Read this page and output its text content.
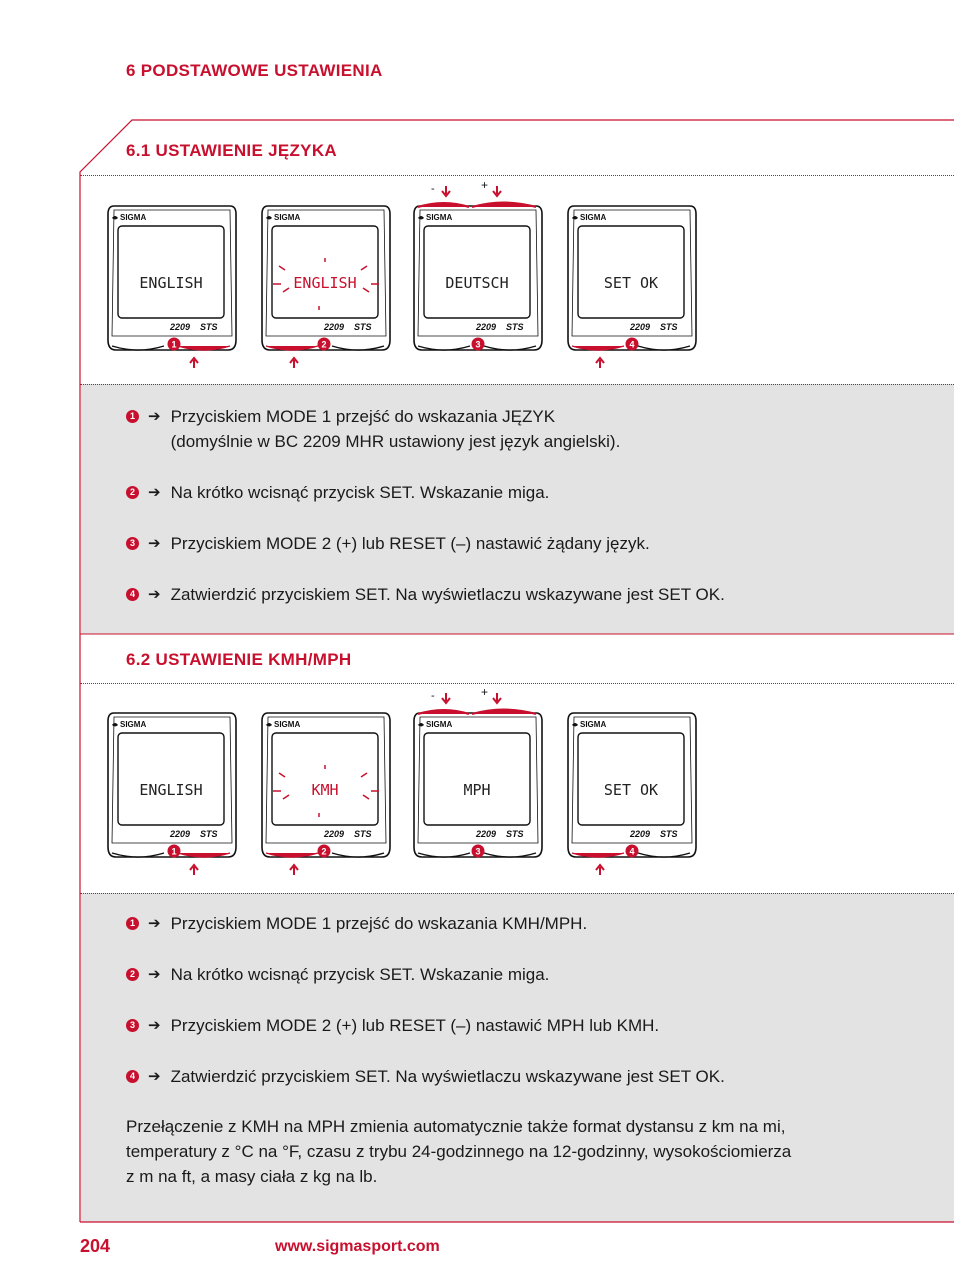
6 PODSTAWOWE USTAWIENIA
6.1 USTAWIENIE JĘZYKA
SIGMA
ENGLISH
2209 STS
1
SIGMA
ENGLISH
2209 STS
2
SIGMA
DEUTSCH
2209 STS
3
SIGMA
SET OK
2209 STS
4
-	+
SIGMA
ENGLISH
2209 STS
1
SIGMA
KMH
2209 STS
2
SIGMA
MPH
2209 STS
3
SIGMA
SET OK
2209 STS
4
-	+
1 ➔ Przyciskiem MODE 1 przejść do wskazania JĘZYK
(domyślnie w BC 2209 MHR ustawiony jest język angielski).
2 ➔ Na krótko wcisnąć przycisk SET. Wskazanie miga.
3 ➔ Przyciskiem MODE 2 (+) lub RESET (–) nastawić żądany język.
4 ➔ Zatwierdzić przyciskiem SET. Na wyświetlaczu wskazywane jest SET OK.
6.2 USTAWIENIE KMH/MPH
1 ➔ Przyciskiem MODE 1 przejść do wskazania KMH/MPH.
2 ➔ Na krótko wcisnąć przycisk SET. Wskazanie miga.
3 ➔ Przyciskiem MODE 2 (+) lub RESET (–) nastawić MPH lub KMH.
4 ➔ Zatwierdzić przyciskiem SET. Na wyświetlaczu wskazywane jest SET OK.
Przełączenie z KMH na MPH zmienia automatycznie także format dystansu z km na mi,
temperatury z °C na °F, czasu z trybu 24-godzinnego na 12-godzinny, wysokościomierza
z m na ft, a masy ciała z kg na lb.
204	www.sigmasport.com
